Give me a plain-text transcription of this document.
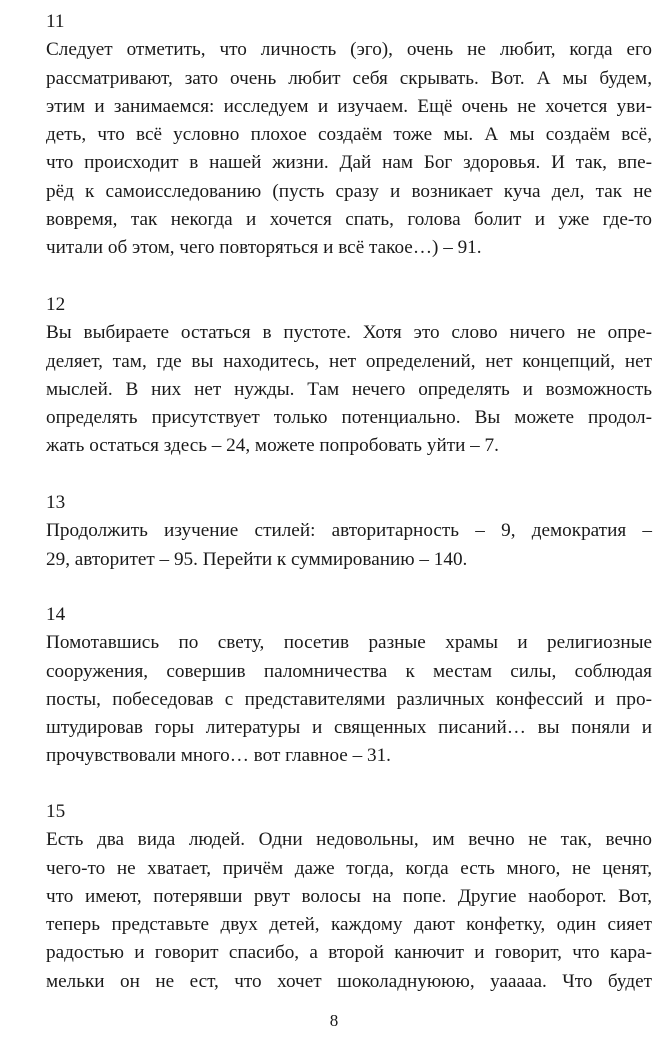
11
Следует отметить, что личность (эго), очень не любит, когда его
рассматривают, зато очень любит себя скрывать. Вот. А мы будем,
этим и занимаемся: исследуем и изучаем. Ещё очень не хочется уви-
деть, что всё условно плохое создаём тоже мы. А мы создаём всё,
что происходит в нашей жизни. Дай нам Бог здоровья. И так, впе-
рёд к самоисследованию (пусть сразу и возникает куча дел, так не
вовремя, так некогда и хочется спать, голова болит и уже где-то
читали об этом, чего повторяться и всё такое…) – 91.
12
Вы выбираете остаться в пустоте. Хотя это слово ничего не опре-
деляет, там, где вы находитесь, нет определений, нет концепций, нет
мыслей. В них нет нужды. Там нечего определять и возможность
определять присутствует только потенциально. Вы можете продол-
жать остаться здесь – 24, можете попробовать уйти – 7.
13
Продолжить изучение стилей: авторитарность – 9, демократия –
29, авторитет – 95. Перейти к суммированию – 140.
14
Помотавшись по свету, посетив разные храмы и религиозные
сооружения, совершив паломничества к местам силы, соблюдая
посты, побеседовав с представителями различных конфессий и про-
штудировав горы литературы и священных писаний… вы поняли и
прочувствовали много… вот главное – 31.
15
Есть два вида людей. Одни недовольны, им вечно не так, вечно
чего-то не хватает, причём даже тогда, когда есть много, не ценят,
что имеют, потерявши рвут волосы на попе. Другие наоборот. Вот,
теперь представьте двух детей, каждому дают конфетку, один сияет
радостью и говорит спасибо, а второй канючит и говорит, что кара-
мельки он не ест, что хочет шоколаднуююю, уааааа. Что будет
8
